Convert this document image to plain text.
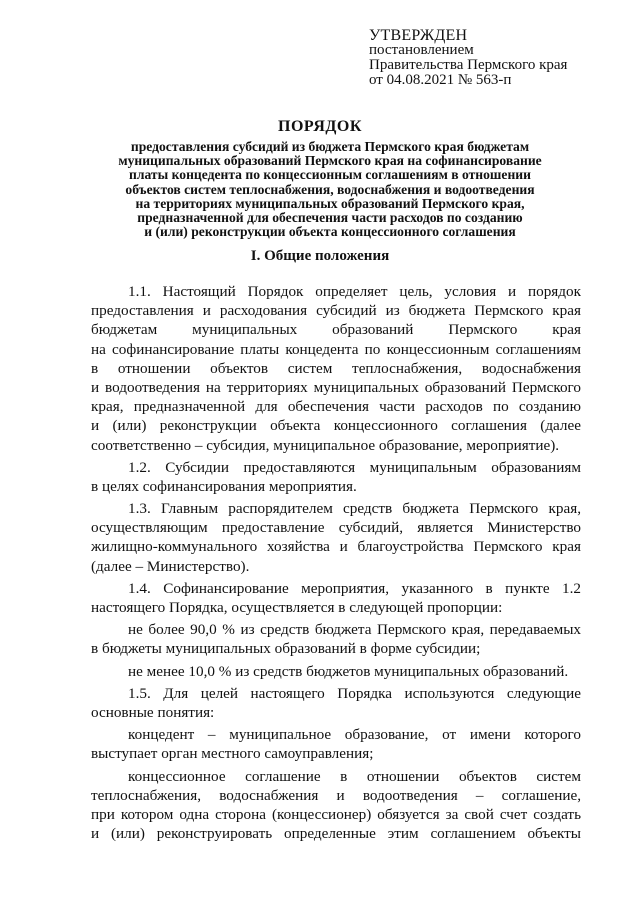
УТВЕРЖДЕН
постановлением
Правительства Пермского края
от 04.08.2021 № 563-п
ПОРЯДОК
предоставления субсидий из бюджета Пермского края бюджетам
муниципальных образований Пермского края на софинансирование
платы концедента по концессионным соглашениям в отношении
объектов систем теплоснабжения, водоснабжения и водоотведения
на территориях муниципальных образований Пермского края,
предназначенной для обеспечения части расходов по созданию
и (или) реконструкции объекта концессионного соглашения
I. Общие положения
1.1. Настоящий Порядок определяет цель, условия и порядок
предоставления и расходования субсидий из бюджета Пермского края
бюджетам муниципальных образований Пермского края
на софинансирование платы концедента по концессионным соглашениям
в отношении объектов систем теплоснабжения, водоснабжения
и водоотведения на территориях муниципальных образований Пермского
края, предназначенной для обеспечения части расходов по созданию
и (или) реконструкции объекта концессионного соглашения (далее
соответственно – субсидия, муниципальное образование, мероприятие).
1.2. Субсидии предоставляются муниципальным образованиям
в целях софинансирования мероприятия.
1.3. Главным распорядителем средств бюджета Пермского края,
осуществляющим предоставление субсидий, является Министерство
жилищно-коммунального хозяйства и благоустройства Пермского края
(далее – Министерство).
1.4. Софинансирование мероприятия, указанного в пункте 1.2
настоящего Порядка, осуществляется в следующей пропорции:
не более 90,0 % из средств бюджета Пермского края, передаваемых
в бюджеты муниципальных образований в форме субсидии;
не менее 10,0 % из средств бюджетов муниципальных образований.
1.5. Для целей настоящего Порядка используются следующие
основные понятия:
концедент – муниципальное образование, от имени которого
выступает орган местного самоуправления;
концессионное соглашение в отношении объектов систем
теплоснабжения, водоснабжения и водоотведения – соглашение,
при котором одна сторона (концессионер) обязуется за свой счет создать
и (или) реконструировать определенные этим соглашением объекты
